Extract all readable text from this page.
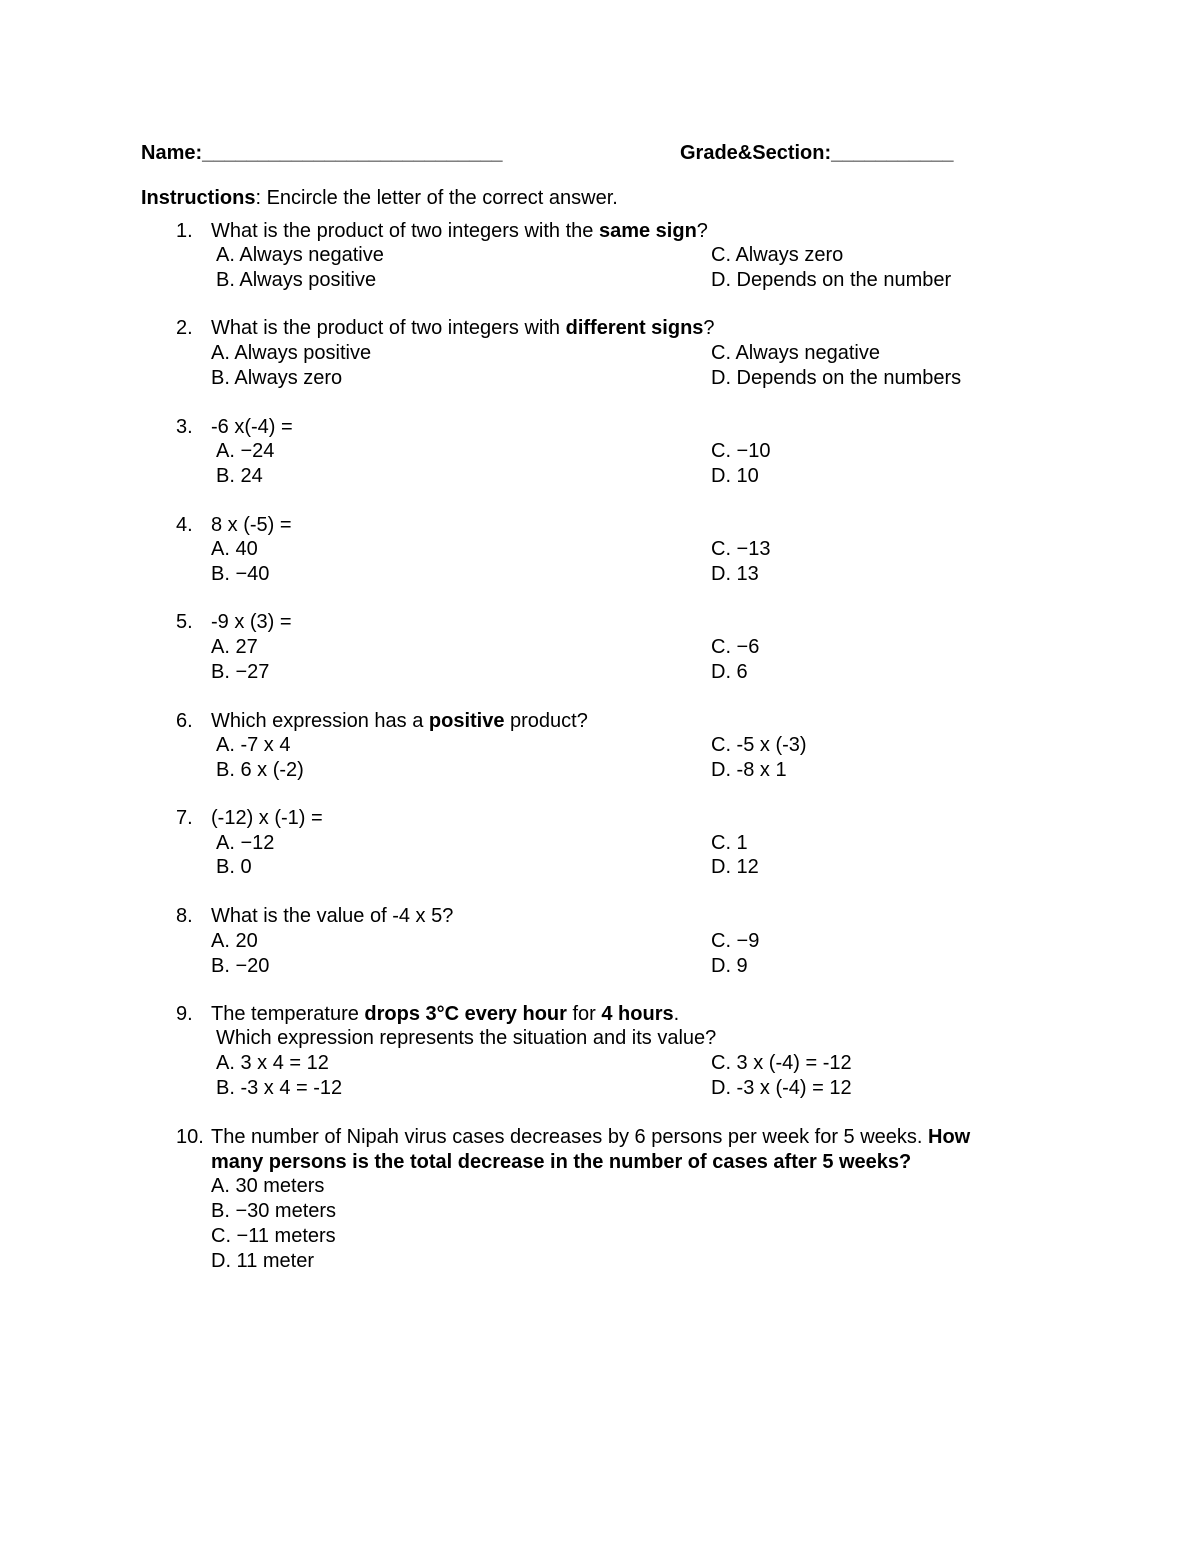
Name:___________________________	Grade&Section:___________
Instructions: Encircle the letter of the correct answer.
1. What is the product of two integers with the same sign?
A. Always negative
B. Always positive
C. Always zero
D. Depends on the number
2. What is the product of two integers with different signs?
A. Always positive
B. Always zero
C. Always negative
D. Depends on the numbers
3. -6 x(-4) =
A. −24
B. 24
C. −10
D. 10
4. 8 x (-5) =
A. 40
B. −40
C. −13
D. 13
5. -9 x (3) =
A. 27
B. −27
C. −6
D. 6
6. Which expression has a positive product?
A. -7 x 4
B. 6 x (-2)
C. -5 x (-3)
D. -8 x 1
7. (-12) x (-1) =
A. −12
B. 0
C. 1
D. 12
8. What is the value of -4 x 5?
A. 20
B. −20
C. −9
D. 9
9. The temperature drops 3°C every hour for 4 hours.
Which expression represents the situation and its value?
A. 3 x 4 = 12
B. -3 x 4 = -12
C. 3 x (-4) = -12
D. -3 x (-4) = 12
10. The number of Nipah virus cases decreases by 6 persons per week for 5 weeks. How
many persons is the total decrease in the number of cases after 5 weeks?
A. 30 meters
B. −30 meters
C. −11 meters
D. 11 meter
